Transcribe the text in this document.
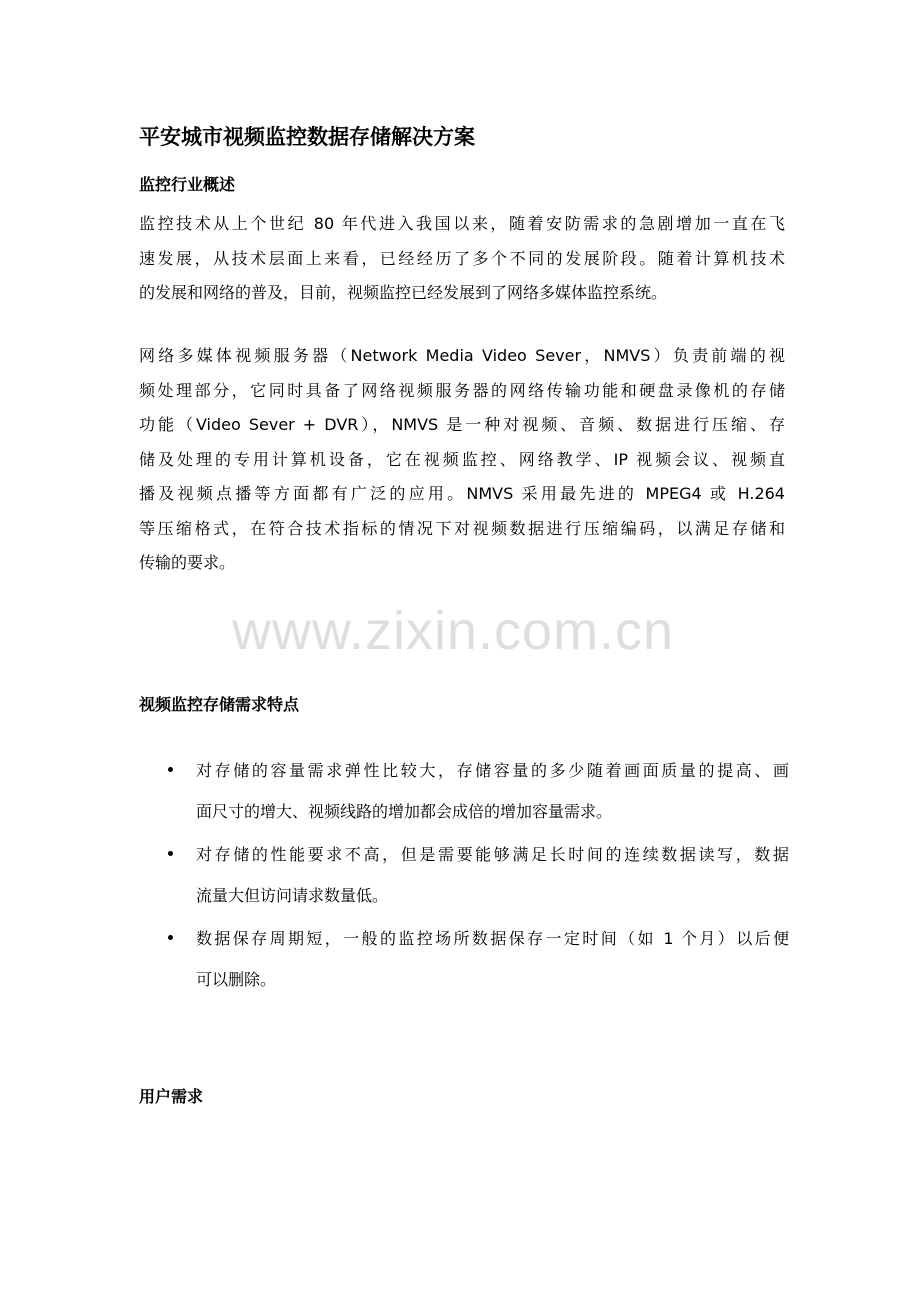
平安城市视频监控数据存储解决方案
监控行业概述
监控技术从上个世纪 80 年代进入我国以来，随着安防需求的急剧增加一直在飞
速发展，从技术层面上来看，已经经历了多个不同的发展阶段。随着计算机技术
的发展和网络的普及，目前，视频监控已经发展到了网络多媒体监控系统。
网络多媒体视频服务器（Network Media Video Sever，NMVS）负责前端的视
频处理部分，它同时具备了网络视频服务器的网络传输功能和硬盘录像机的存储
功能（Video Sever + DVR），NMVS 是一种对视频、音频、数据进行压缩、存
储及处理的专用计算机设备，它在视频监控、网络教学、IP 视频会议、视频直
播及视频点播等方面都有广泛的应用。NMVS 采用最先进的 MPEG4 或 H.264
等压缩格式，在符合技术指标的情况下对视频数据进行压缩编码，以满足存储和
传输的要求。
www.zixin.com.cn
视频监控存储需求特点
对存储的容量需求弹性比较大，存储容量的多少随着画面质量的提高、画
面尺寸的增大、视频线路的增加都会成倍的增加容量需求。
对存储的性能要求不高，但是需要能够满足长时间的连续数据读写，数据
流量大但访问请求数量低。
数据保存周期短，一般的监控场所数据保存一定时间（如 1 个月）以后便
可以删除。
用户需求
